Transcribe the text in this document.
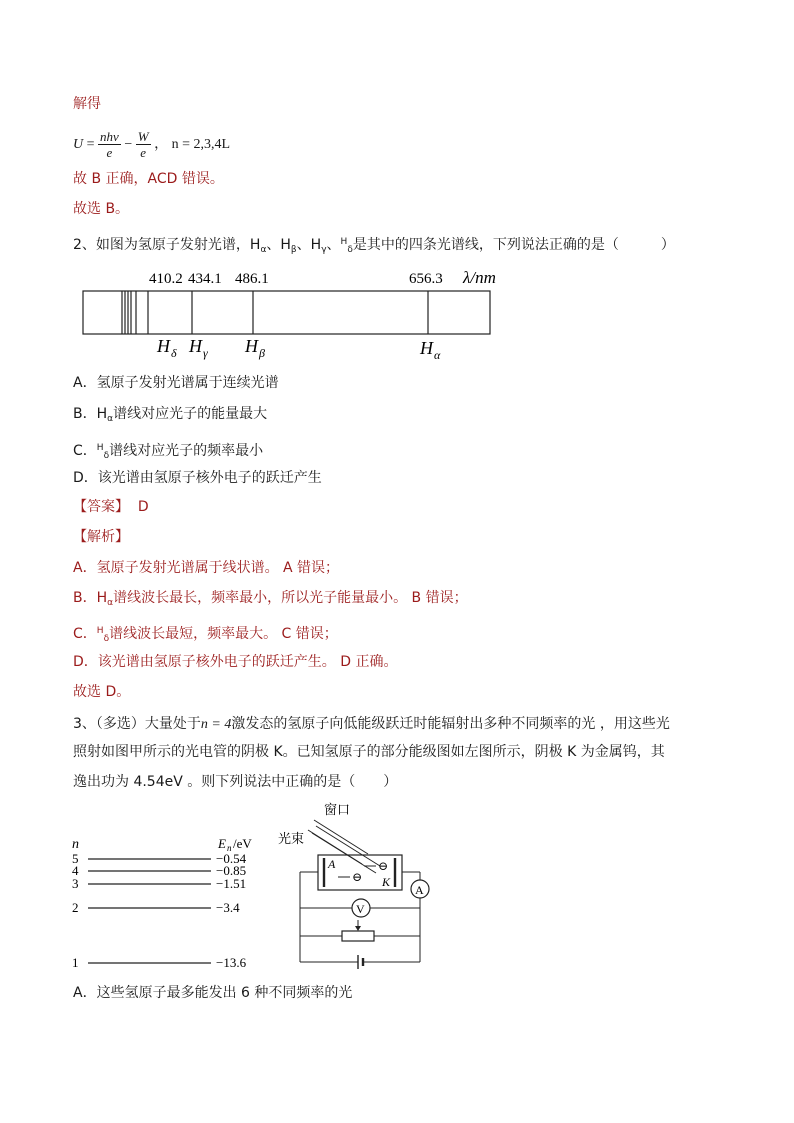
解得
$U = \frac{\text{nhν}}{e} - \frac{W}{e}$ ， n = 2,3,4L
故 B 正确，ACD 错误。
故选 B。
2、如图为氢原子发射光谱，$H_\alpha$、$H_\beta$、$H_\gamma$、$^H_\delta$是其中的四条光谱线，下列说法正确的是（　　　）
410.2 434.1 486.1	656.3 λ/nm
H δ H γ H β	H α
A．氢原子发射光谱属于连续光谱
B．$H_\alpha$谱线对应光子的能量最大
C．$^H_\delta$谱线对应光子的频率最小
D．该光谱由氢原子核外电子的跃迁产生
【答案】 D
【解析】
A．氢原子发射光谱属于线状谱。 A 错误；
B．$H_\alpha$谱线波长最长，频率最小，所以光子能量最小。 B 错误；
C．$^H_\delta$谱线波长最短，频率最大。 C 错误；
D．该光谱由氢原子核外电子的跃迁产生。 D 正确。
故选 D。
3、（多选）大量处于n = 4激发态的氢原子向低能级跃迁时能辐射出多种不同频率的光 ，用这些光
照射如图甲所示的光电管的阴极 K。已知氢原子的部分能级图如左图所示，阴极 K 为金属钨，其
逸出功为 4.54eV 。则下列说法中正确的是（　　）
n	E n /eV
5	−0.54
4	−0.85
3	−1.51
2	−3.4
1	−13.6
窗口
光束
A
K
⊖
⊖
A
V
A．这些氢原子最多能发出 6 种不同频率的光
